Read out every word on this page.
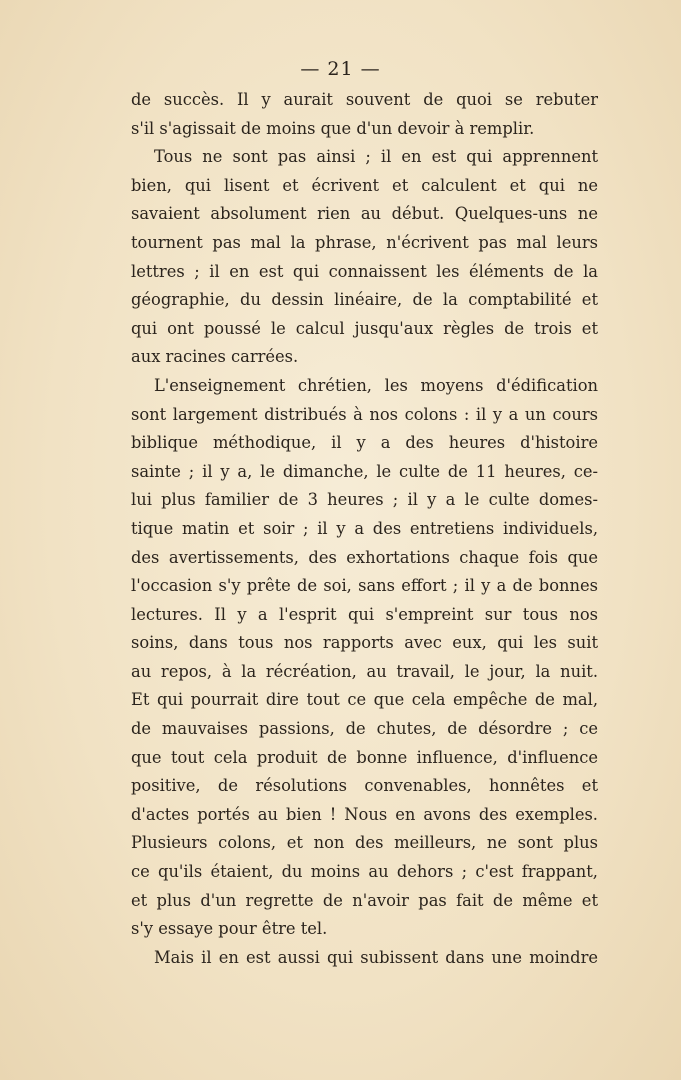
— 21 —
de succès. Il y aurait souvent de quoi se rebuter
s'il s'agissait de moins que d'un devoir à remplir.
Tous ne sont pas ainsi ; il en est qui apprennent
bien, qui lisent et écrivent et calculent et qui ne
savaient absolument rien au début. Quelques-uns ne
tournent pas mal la phrase, n'écrivent pas mal leurs
lettres ; il en est qui connaissent les éléments de la
géographie, du dessin linéaire, de la comptabilité et
qui ont poussé le calcul jusqu'aux règles de trois et
aux racines carrées.
L'enseignement chrétien, les moyens d'édification
sont largement distribués à nos colons : il y a un cours
biblique méthodique, il y a des heures d'histoire
sainte ; il y a, le dimanche, le culte de 11 heures, ce-
lui plus familier de 3 heures ; il y a le culte domes-
tique matin et soir ; il y a des entretiens individuels,
des avertissements, des exhortations chaque fois que
l'occasion s'y prête de soi, sans effort ; il y a de bonnes
lectures. Il y a l'esprit qui s'empreint sur tous nos
soins, dans tous nos rapports avec eux, qui les suit
au repos, à la récréation, au travail, le jour, la nuit.
Et qui pourrait dire tout ce que cela empêche de mal,
de mauvaises passions, de chutes, de désordre ; ce
que tout cela produit de bonne influence, d'influence
positive, de résolutions convenables, honnêtes et
d'actes portés au bien ! Nous en avons des exemples.
Plusieurs colons, et non des meilleurs, ne sont plus
ce qu'ils étaient, du moins au dehors ; c'est frappant,
et plus d'un regrette de n'avoir pas fait de même et
s'y essaye pour être tel.
Mais il en est aussi qui subissent dans une moindre
